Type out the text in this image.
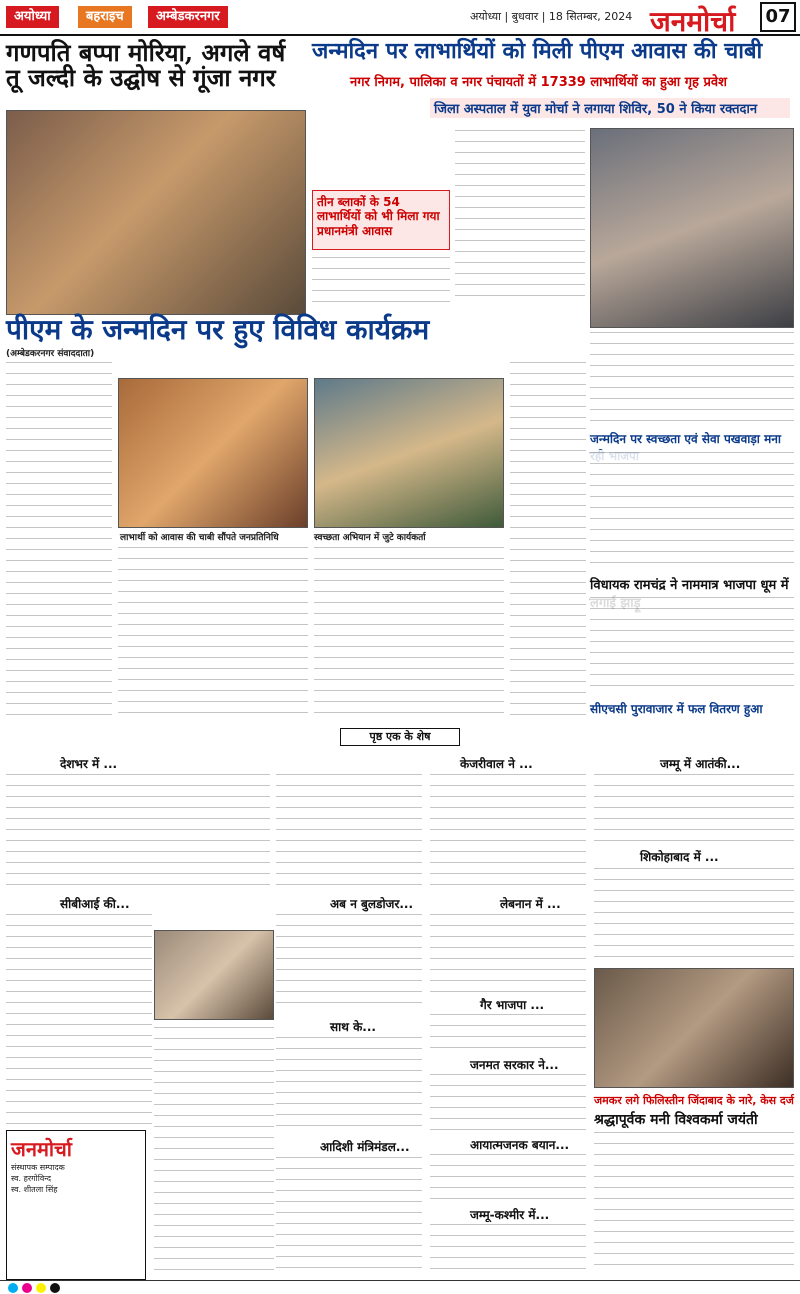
अयोध्या	बहराइच	अम्बेडकरनगर	अयोध्या | बुधवार | 18 सितम्बर, 2024 जनमोर्चा	07
गणपति बप्पा मोरिया, अगले वर्ष तू जल्दी के उद्घोष से गूंजा नगर
जन्मदिन पर लाभार्थियों को मिली पीएम आवास की चाबी
नगर निगम, पालिका व नगर पंचायतों में 17339 लाभार्थियों का हुआ गृह प्रवेश
जिला अस्पताल में युवा मोर्चा ने लगाया शिविर, 50 ने किया रक्तदान
तीन ब्लाकों के 54 लाभार्थियों को भी मिला गया प्रधानमंत्री आवास
पीएम के जन्मदिन पर हुए विविध कार्यक्रम
(अम्बेडकरनगर संवाददाता)
लाभार्थी को आवास की चाबी सौंपते जनप्रतिनिधि	स्वच्छता अभियान में जुटे कार्यकर्ता
जन्मदिन पर स्वच्छता एवं सेवा पखवाड़ा मना
विधायक रामचंद्र ने नाममात्र भाजपा धूम में
सीएचसी पुरावाजार में फल वितरण हुआ
पृष्ठ एक के शेष
देशभर में ...	केजरीवाल ने ...	जम्मू में आतंकी...
सीबीआई की...	अब न बुलडोजर...	लेबनान में ...
शिकोहाबाद में ...
जमकर लगे फिलिस्तीन जिंदाबाद के नारे, केस दर्ज
साथ के...
आदिशी मंत्रिमंडल...
गैर भाजपा ...
जनमत सरकार ने...
आयात्मजनक बयान...
जम्मू-कश्मीर में...
श्रद्धापूर्वक मनी विश्वकर्मा जयंती
जनमोर्चा
संस्थापक सम्पादक
स्व. हरगोविन्द
स्व. शीतला सिंह
